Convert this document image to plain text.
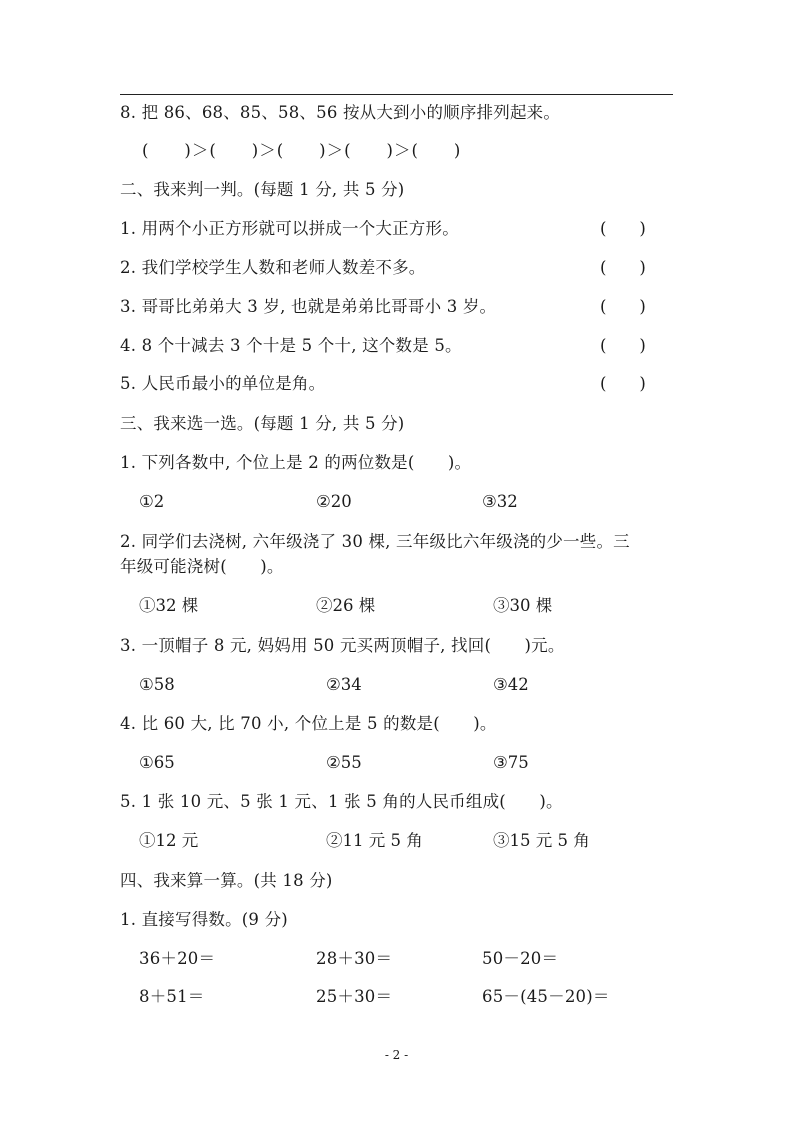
8. 把 86、68、85、58、56 按从大到小的顺序排列起来。
(　　)＞(　　)＞(　　)＞(　　)＞(　　)
二、我来判一判。(每题 1 分, 共 5 分)
1. 用两个小正方形就可以拼成一个大正方形。	(　　)
2. 我们学校学生人数和老师人数差不多。	(　　)
3. 哥哥比弟弟大 3 岁, 也就是弟弟比哥哥小 3 岁。	(　　)
4. 8 个十减去 3 个十是 5 个十, 这个数是 5。	(　　)
5. 人民币最小的单位是角。	(　　)
三、我来选一选。(每题 1 分, 共 5 分)
1. 下列各数中, 个位上是 2 的两位数是(　　)。
①2	②20	③32
2. 同学们去浇树, 六年级浇了 30 棵, 三年级比六年级浇的少一些。三
年级可能浇树(　　)。
①32 棵	②26 棵	③30 棵
3. 一顶帽子 8 元, 妈妈用 50 元买两顶帽子, 找回(　　)元。
①58	②34	③42
4. 比 60 大, 比 70 小, 个位上是 5 的数是(　　)。
①65	②55	③75
5. 1 张 10 元、5 张 1 元、1 张 5 角的人民币组成(　　)。
①12 元	②11 元 5 角	③15 元 5 角
四、我来算一算。(共 18 分)
1. 直接写得数。(9 分)
36＋20＝	28＋30＝	50－20＝
8＋51＝	25＋30＝	65－(45－20)＝
- 2 -
